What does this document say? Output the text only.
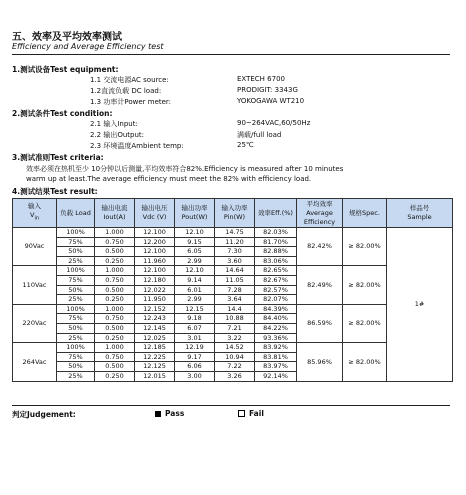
五、效率及平均效率测试
Efficiency and Average Efficiency test
1.测试设备Test equipment:
1.1 交流电源AC source:	EXTECH 6700
1.2直流负载 DC load:	PRODIGIT: 3343G
1.3 功率计Power meter:	YOKOGAWA WT210
2.测试条件Test condition:
2.1 输入Input:	90~264VAC,60/50Hz
2.2 输出Output:	满载/full load
2.3 环境温度Ambient temp:	25℃
3.测试准则Test criteria:
效率必须在热机至少 10分钟以后测量,平均效率符合82%.Efficiency is measured after 10 minutes
warm up at least.The average efficiency must meet the 82% with efficiency load.
4.测试结果Test result:
输入
$V_{in}$	负载 Load	输出电流
Iout(A)	输出电压
Vdc (V)	输出功率
Pout(W)	输入功率
Pin(W)	效率Eff.(%)	平均效率
Average
Efficiency	规格Spec.	样品号
Sample
90Vac	100%	1.000	12.100	12.10	14.75	82.03%	82.42%	≥ 82.00%	1#
	75%	0.750	12.200	9.15	11.20	81.70%			
	50%	0.500	12.100	6.05	7.30	82.88%			
	25%	0.250	11.960	2.99	3.60	83.06%			
110Vac	100%	1.000	12.100	12.10	14.64	82.65%	82.49%	≥ 82.00%	
	75%	0.750	12.180	9.14	11.05	82.67%			
	50%	0.500	12.022	6.01	7.28	82.57%			
	25%	0.250	11.950	2.99	3.64	82.07%			
220Vac	100%	1.000	12.152	12.15	14.4	84.39%	86.59%	≥ 82.00%	
	75%	0.750	12.243	9.18	10.88	84.40%			
	50%	0.500	12.145	6.07	7.21	84.22%			
	25%	0.250	12.025	3.01	3.22	93.36%			
264Vac	100%	1.000	12.185	12.19	14.52	83.92%	85.96%	≥ 82.00%	
	75%	0.750	12.225	9.17	10.94	83.81%			
	50%	0.500	12.125	6.06	7.22	83.97%			
	25%	0.250	12.015	3.00	3.26	92.14%			
判定Judgement:	Pass	Fail
